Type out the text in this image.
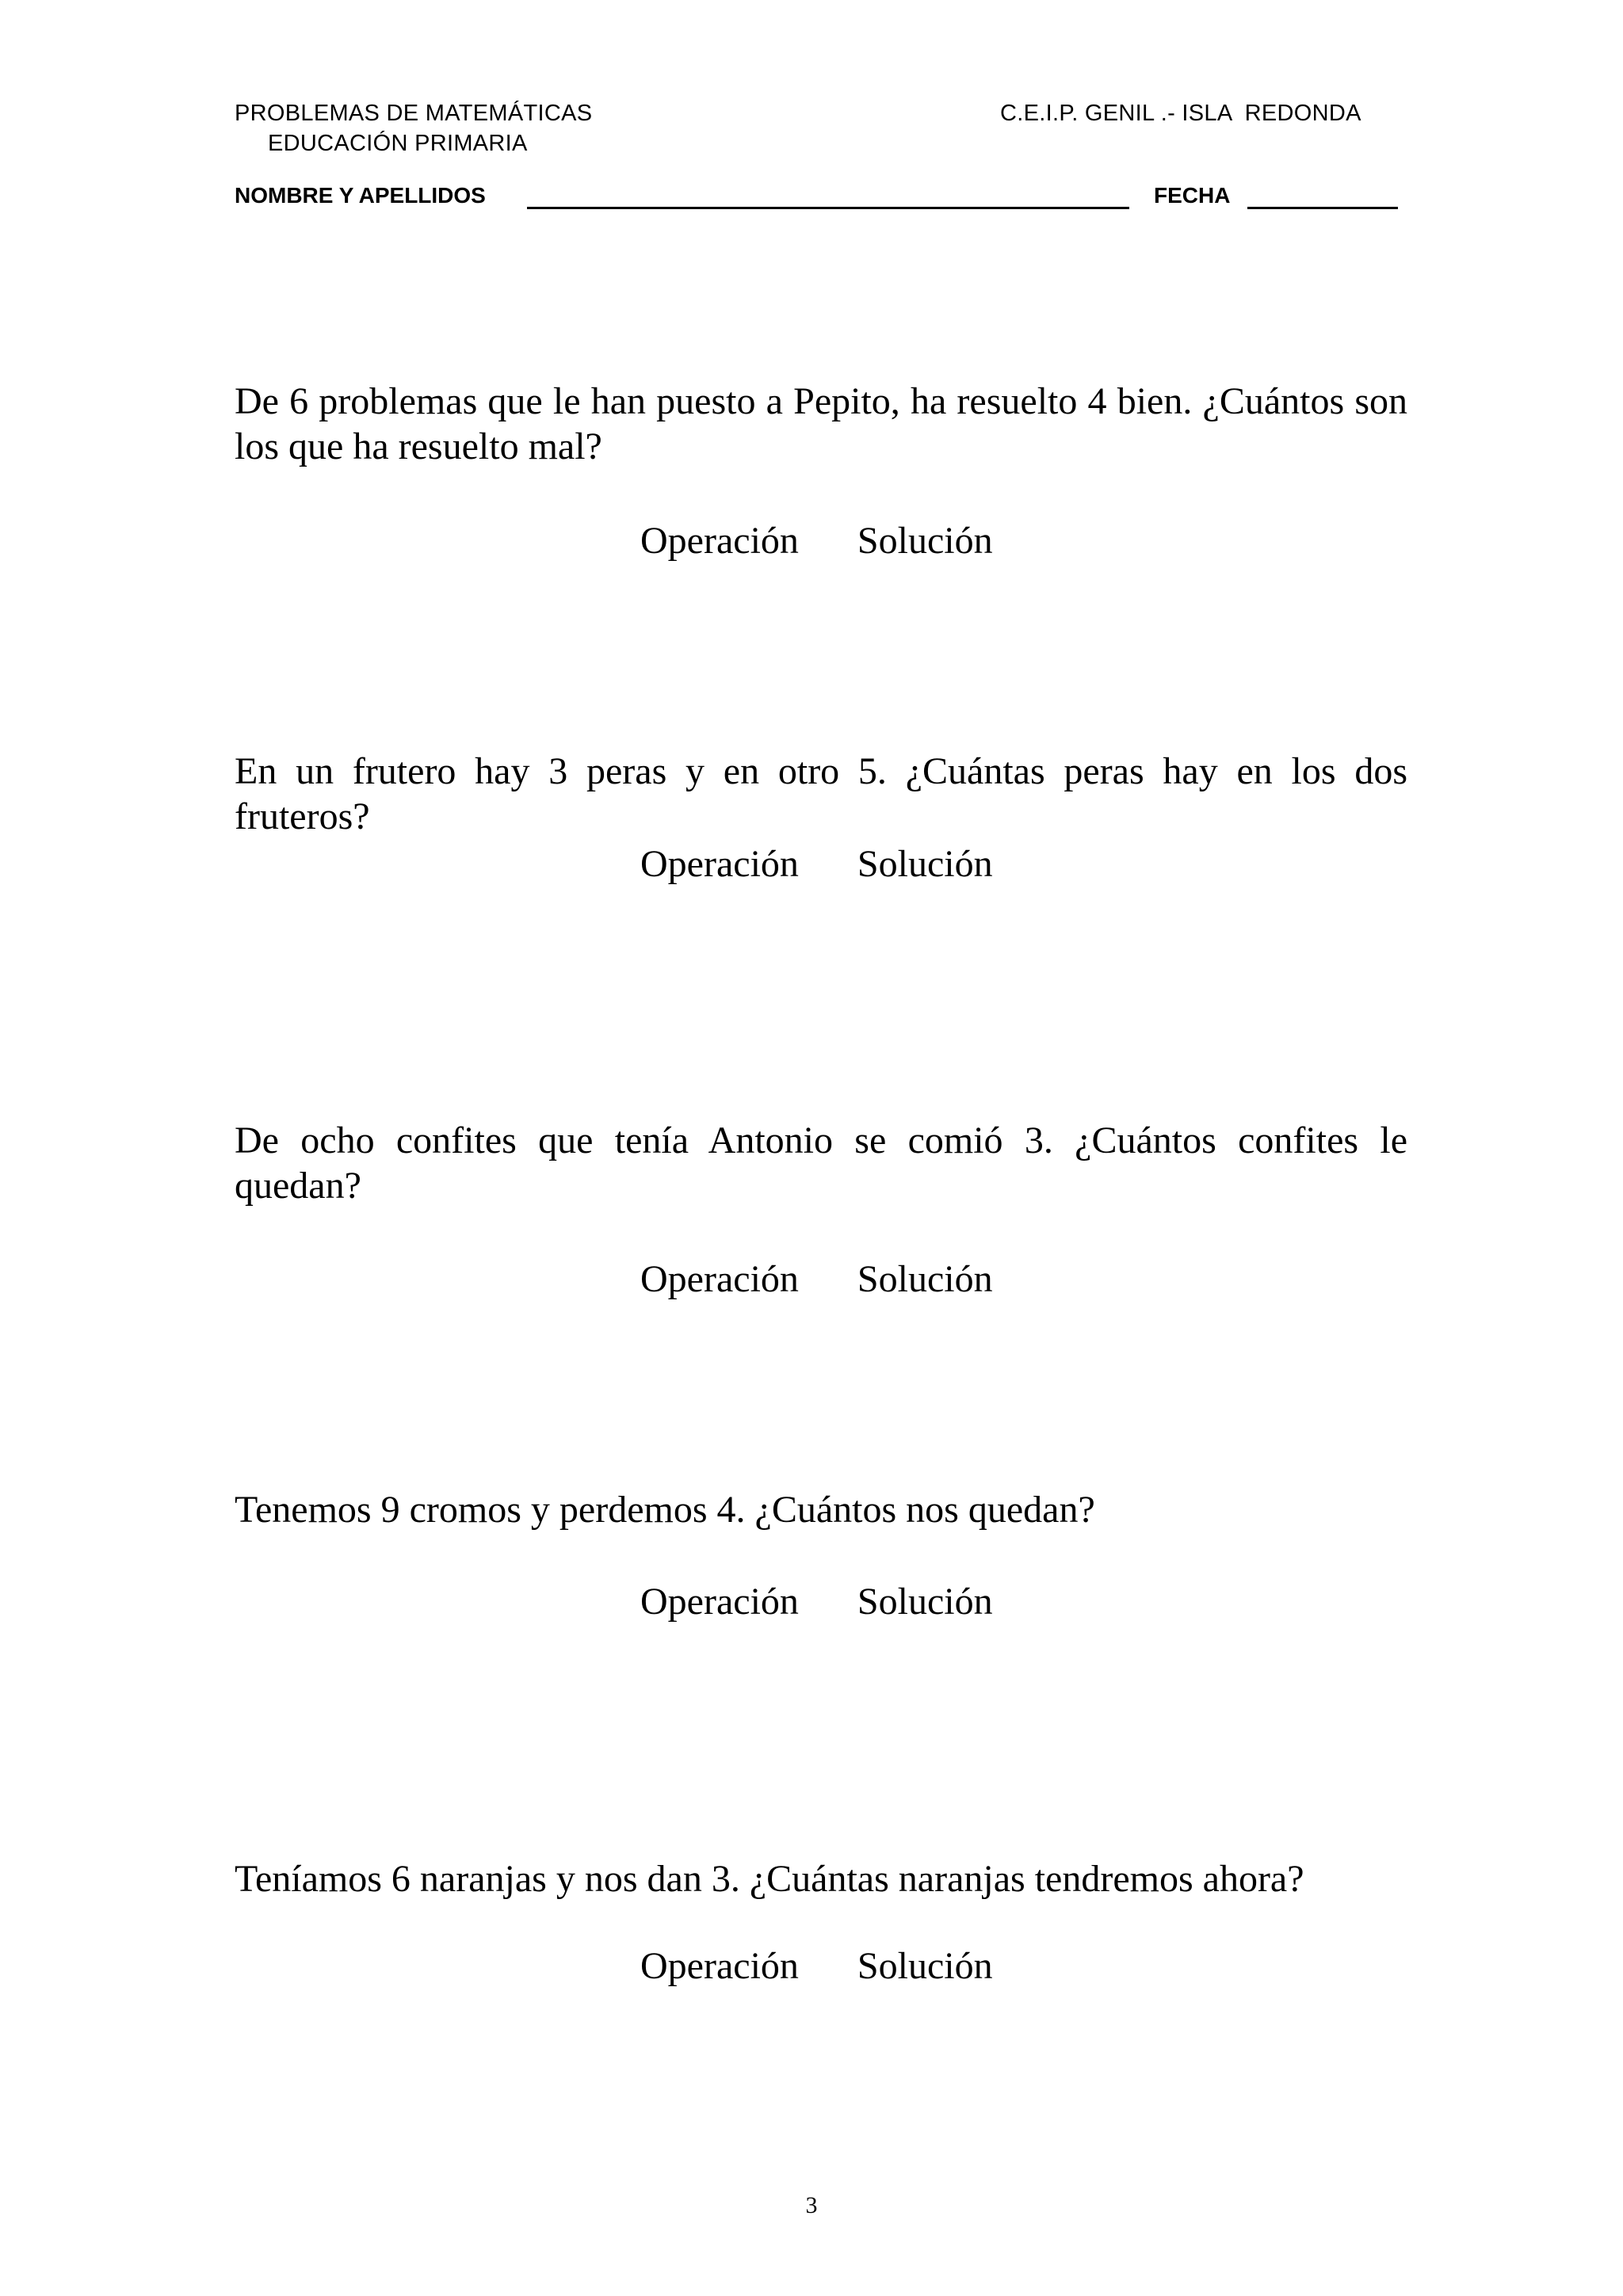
PROBLEMAS DE MATEMÁTICAS
EDUCACIÓN PRIMARIA
C.E.I.P. GENIL .- ISLA  REDONDA
NOMBRE Y APELLIDOS	FECHA
De 6 problemas que le han puesto a Pepito, ha resuelto 4 bien. ¿Cuántos son los que ha resuelto mal?
Operación Solución
En un frutero hay 3 peras y en otro 5. ¿Cuántas peras hay en los dos fruteros?
Operación Solución
De ocho confites que tenía Antonio se comió 3. ¿Cuántos confites le quedan?
Operación Solución
Tenemos 9 cromos y perdemos 4. ¿Cuántos nos quedan?
Operación Solución
Teníamos 6 naranjas y nos dan 3. ¿Cuántas naranjas tendremos ahora?
Operación Solución
3
